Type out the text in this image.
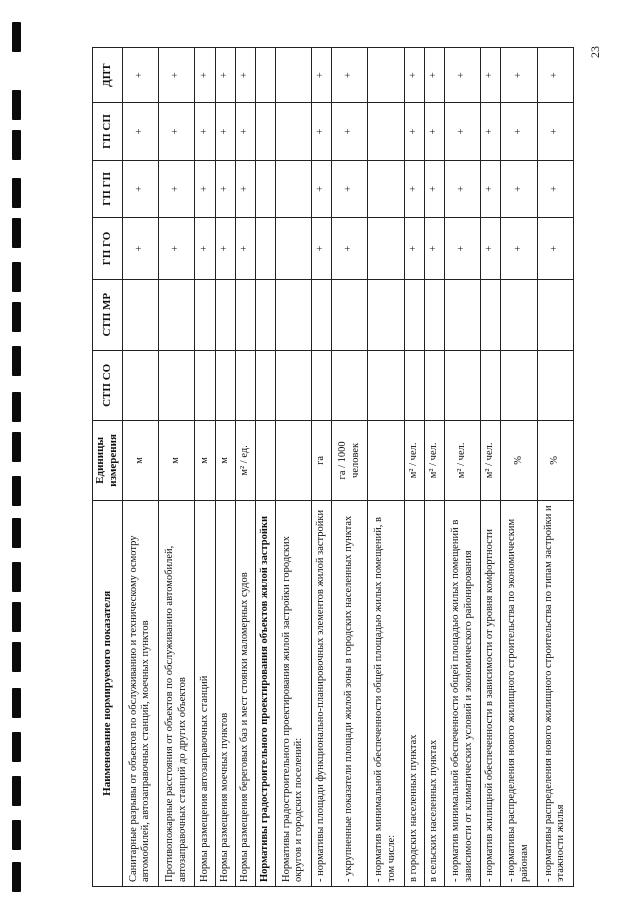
23
Наименование нормируемого показателя	Единицы измерения	СТП СО	СТП МР	ГП ГО	ГП ГП	ГП СП	ДПТ
Санитарные разрывы от объектов по обслуживанию и техническому осмотру автомобилей, автозаправочных станций, моечных пунктов	м			+	+	+	+
Противопожарные расстояния от объектов по обслуживанию автомобилей, автозаправочных станций до других объектов	м			+	+	+	+
Нормы размещения автозаправочных станций	м			+	+	+	+
Нормы размещения моечных пунктов	м			+	+	+	+
Нормы размещения береговых баз и мест стоянки маломерных судов	м² / ед.			+	+	+	+
Нормативы градостроительного проектирования объектов жилой застройки							
Нормативы градостроительного проектирования жилой застройки городских округов и городских поселений:							
- нормативы площади функционально-планировочных элементов жилой застройки	га			+	+	+	+
- укрупненные показатели площади жилой зоны в городских населенных пунктах	га / 1000 человек			+	+	+	+
- норматив минимальной обеспеченности общей площадью жилых помещений, в том числе:							
в городских населенных пунктах	м² / чел.			+	+	+	+
в сельских населенных пунктах	м² / чел.			+	+	+	+
- норматив минимальной обеспеченности общей площадью жилых помещений в зависимости от климатических условий и экономического районирования	м² / чел.			+	+	+	+
- норматив жилищной обеспеченности в зависимости от уровня комфортности	м² / чел.			+	+	+	+
- нормативы распределения нового жилищного строительства по экономическим районам	%			+	+	+	+
- нормативы распределения нового жилищного строительства по типам застройки и этажности жилья	%			+	+	+	+
